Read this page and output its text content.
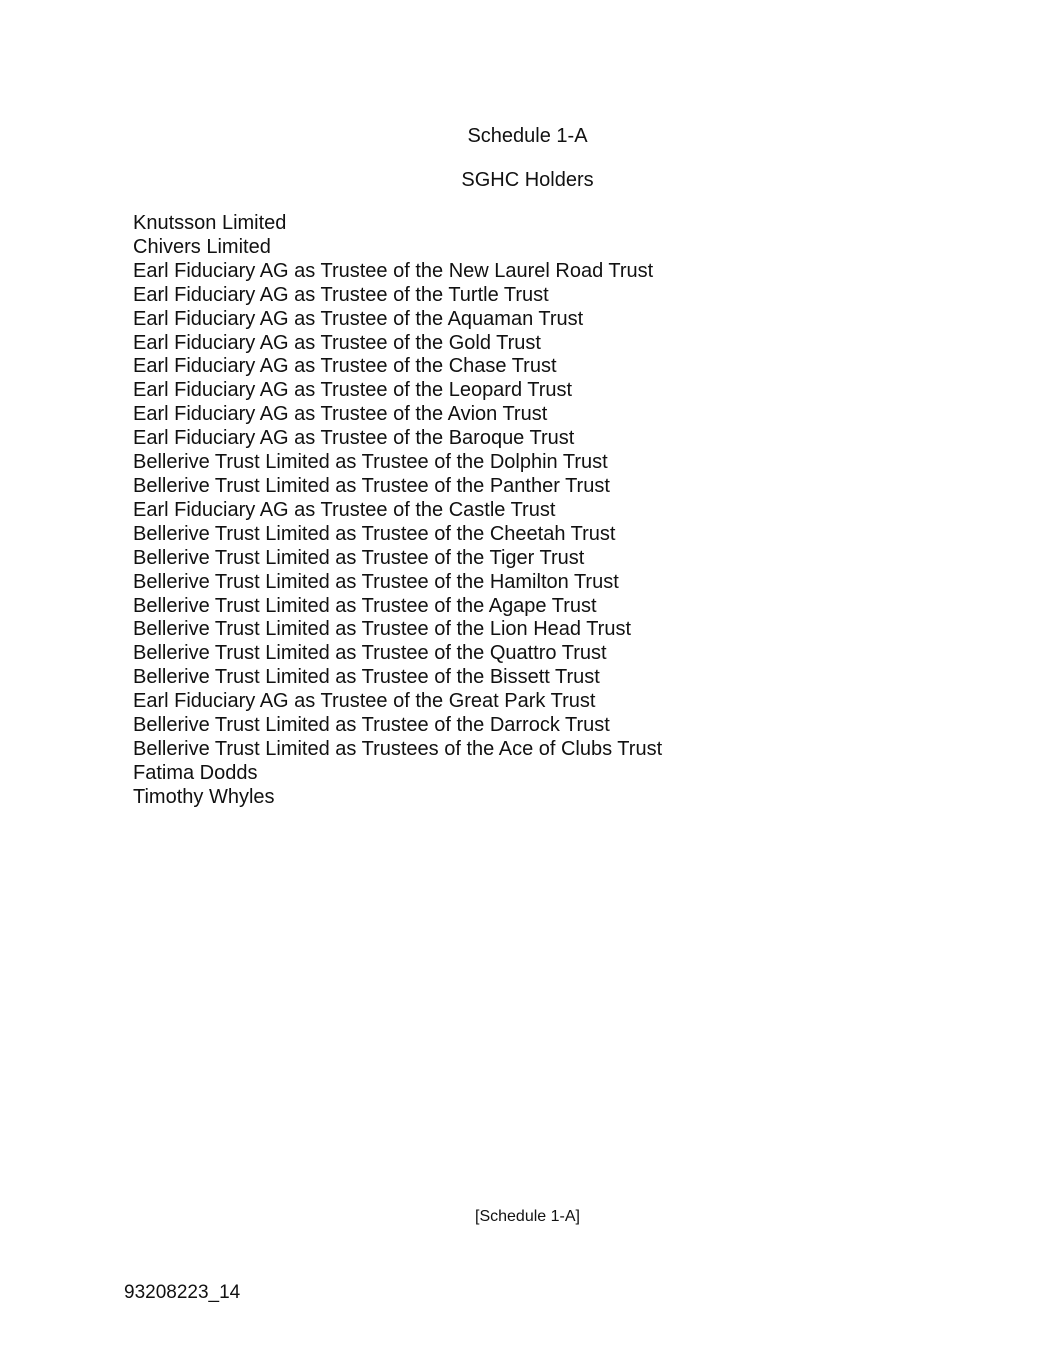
Schedule 1-A
SGHC Holders
Knutsson Limited
Chivers Limited
Earl Fiduciary AG as Trustee of the New Laurel Road Trust
Earl Fiduciary AG as Trustee of the Turtle Trust
Earl Fiduciary AG as Trustee of the Aquaman Trust
Earl Fiduciary AG as Trustee of the Gold Trust
Earl Fiduciary AG as Trustee of the Chase Trust
Earl Fiduciary AG as Trustee of the Leopard Trust
Earl Fiduciary AG as Trustee of the Avion Trust
Earl Fiduciary AG as Trustee of the Baroque Trust
Bellerive Trust Limited as Trustee of the Dolphin Trust
Bellerive Trust Limited as Trustee of the Panther Trust
Earl Fiduciary AG as Trustee of the Castle Trust
Bellerive Trust Limited as Trustee of the Cheetah Trust
Bellerive Trust Limited as Trustee of the Tiger Trust
Bellerive Trust Limited as Trustee of the Hamilton Trust
Bellerive Trust Limited as Trustee of the Agape Trust
Bellerive Trust Limited as Trustee of the Lion Head Trust
Bellerive Trust Limited as Trustee of the Quattro Trust
Bellerive Trust Limited as Trustee of the Bissett Trust
Earl Fiduciary AG as Trustee of the Great Park Trust
Bellerive Trust Limited as Trustee of the Darrock Trust
Bellerive Trust Limited as Trustees of the Ace of Clubs Trust
Fatima Dodds
Timothy Whyles
[Schedule 1-A]
93208223_14
